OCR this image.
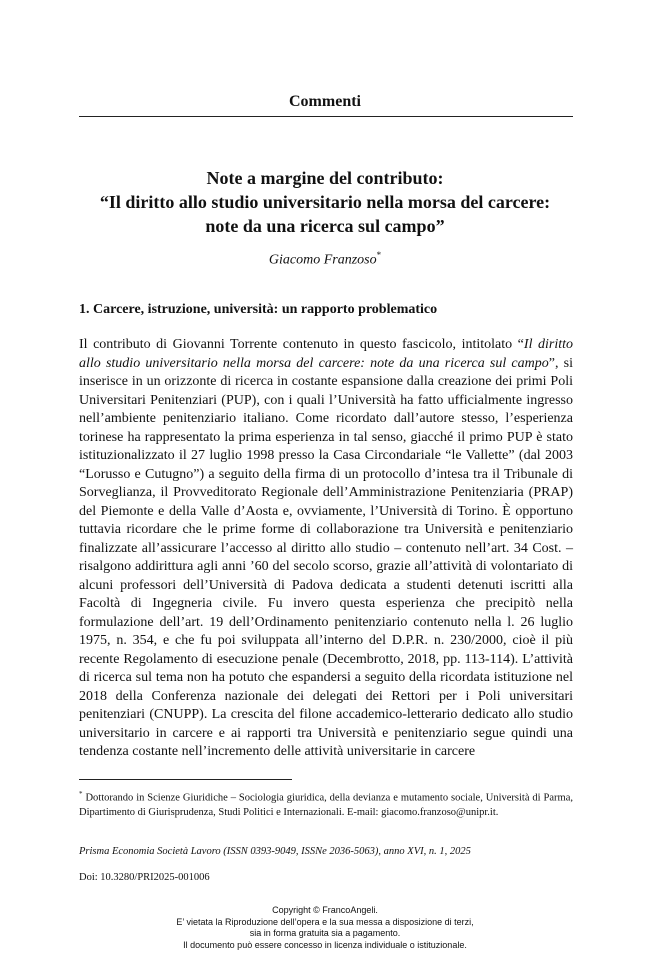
Commenti
Note a margine del contributo:
“Il diritto allo studio universitario nella morsa del carcere:
note da una ricerca sul campo”
Giacomo Franzoso*
1. Carcere, istruzione, università: un rapporto problematico
Il contributo di Giovanni Torrente contenuto in questo fascicolo, intitolato “Il diritto allo studio universitario nella morsa del carcere: note da una ricerca sul campo”, si inserisce in un orizzonte di ricerca in costante espansione dalla creazione dei primi Poli Universitari Penitenziari (PUP), con i quali l’Università ha fatto ufficialmente ingresso nell’ambiente penitenziario italiano. Come ricordato dall’autore stesso, l’esperienza torinese ha rappresentato la prima esperienza in tal senso, giacché il primo PUP è stato istituzionalizzato il 27 luglio 1998 presso la Casa Circondariale “le Vallette” (dal 2003 “Lorusso e Cutugno”) a seguito della firma di un protocollo d’intesa tra il Tribunale di Sorveglianza, il Provveditorato Regionale dell’Amministrazione Penitenziaria (PRAP) del Piemonte e della Valle d’Aosta e, ovviamente, l’Università di Torino. È opportuno tuttavia ricordare che le prime forme di collaborazione tra Università e penitenziario finalizzate all’assicurare l’accesso al diritto allo studio – contenuto nell’art. 34 Cost. – risalgono addirittura agli anni ’60 del secolo scorso, grazie all’attività di volontariato di alcuni professori dell’Università di Padova dedicata a studenti detenuti iscritti alla Facoltà di Ingegneria civile. Fu invero questa esperienza che precipitò nella formulazione dell’art. 19 dell’Ordinamento penitenziario contenuto nella l. 26 luglio 1975, n. 354, e che fu poi sviluppata all’interno del D.P.R. n. 230/2000, cioè il più recente Regolamento di esecuzione penale (Decembrotto, 2018, pp. 113-114). L’attività di ricerca sul tema non ha potuto che espandersi a seguito della ricordata istituzione nel 2018 della Conferenza nazionale dei delegati dei Rettori per i Poli universitari penitenziari (CNUPP). La crescita del filone accademico-letterario dedicato allo studio universitario in carcere e ai rapporti tra Università e penitenziario segue quindi una tendenza costante nell’incremento delle attività universitarie in carcere
* Dottorando in Scienze Giuridiche – Sociologia giuridica, della devianza e mutamento sociale, Università di Parma, Dipartimento di Giurisprudenza, Studi Politici e Internazionali. E-mail: giacomo.franzoso@unipr.it.
Prisma Economia Società Lavoro (ISSN 0393-9049, ISSNe 2036-5063), anno XVI, n. 1, 2025
Doi: 10.3280/PRI2025-001006
Copyright © FrancoAngeli.
E’ vietata la Riproduzione dell’opera e la sua messa a disposizione di terzi,
sia in forma gratuita sia a pagamento.
Il documento può essere concesso in licenza individuale o istituzionale.
